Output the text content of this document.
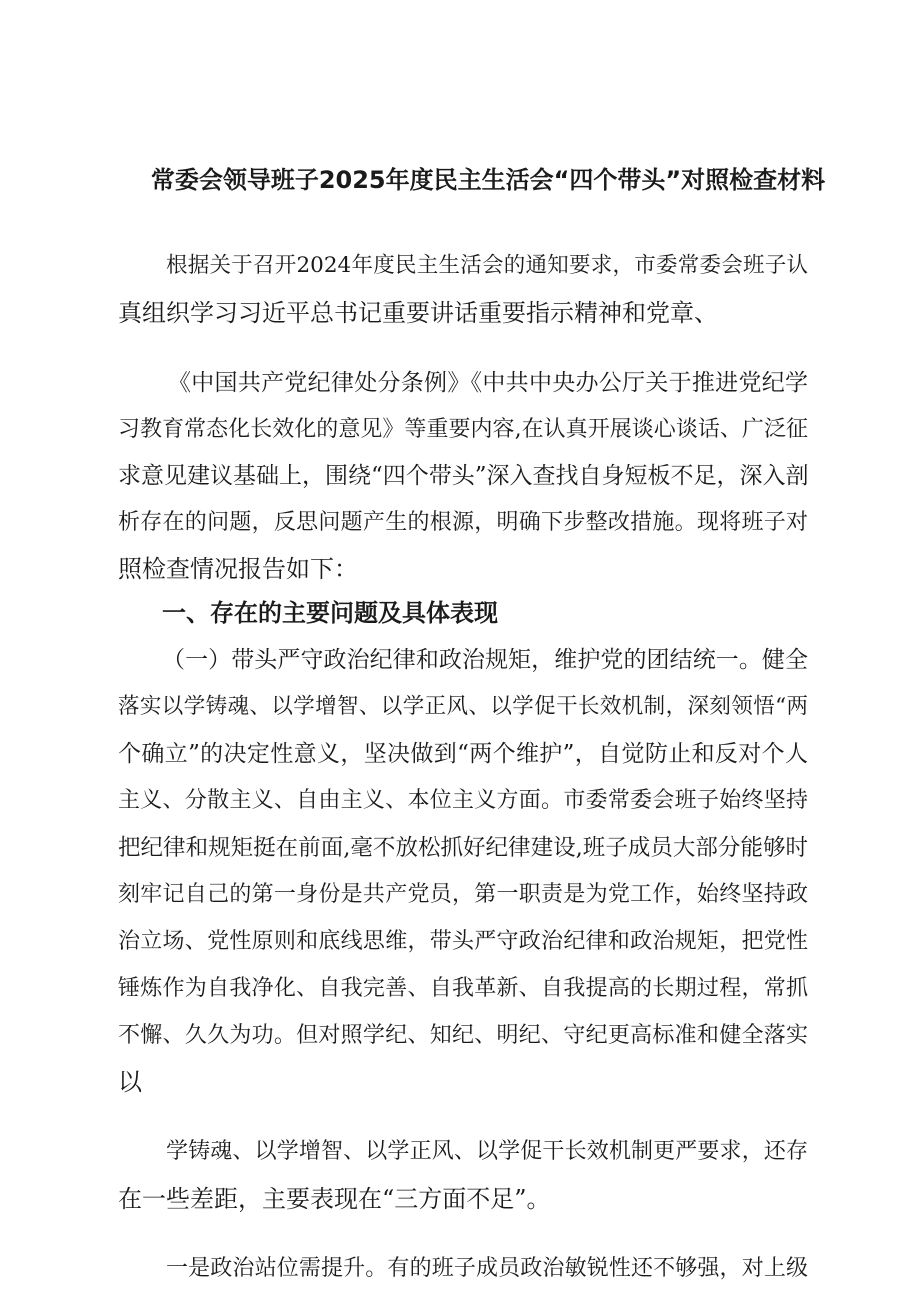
常委会领导班子2025年度民主生活会“四个带头”对照检查材料
根据关于召开2024年度民主生活会的通知要求，市委常委会班子认
真组织学习习近平总书记重要讲话重要指示精神和党章、
《中国共产党纪律处分条例》《中共中央办公厅关于推进党纪学
习教育常态化长效化的意见》等重要内容,在认真开展谈心谈话、广泛征
求意见建议基础上，围绕“四个带头”深入查找自身短板不足，深入剖
析存在的问题，反思问题产生的根源，明确下步整改措施。现将班子对
照检查情况报告如下：
一、存在的主要问题及具体表现
（一）带头严守政治纪律和政治规矩，维护党的团结统一。健全
落实以学铸魂、以学增智、以学正风、以学促干长效机制，深刻领悟“两
个确立”的决定性意义，坚决做到“两个维护”，自觉防止和反对个人
主义、分散主义、自由主义、本位主义方面。市委常委会班子始终坚持
把纪律和规矩挺在前面,毫不放松抓好纪律建设,班子成员大部分能够时
刻牢记自己的第一身份是共产党员，第一职责是为党工作，始终坚持政
治立场、党性原则和底线思维，带头严守政治纪律和政治规矩，把党性
锤炼作为自我净化、自我完善、自我革新、自我提高的长期过程，常抓
不懈、久久为功。但对照学纪、知纪、明纪、守纪更高标准和健全落实
以
学铸魂、以学增智、以学正风、以学促干长效机制更严要求，还存
在一些差距，主要表现在“三方面不足”。
一是政治站位需提升。有的班子成员政治敏锐性还不够强，对上级
